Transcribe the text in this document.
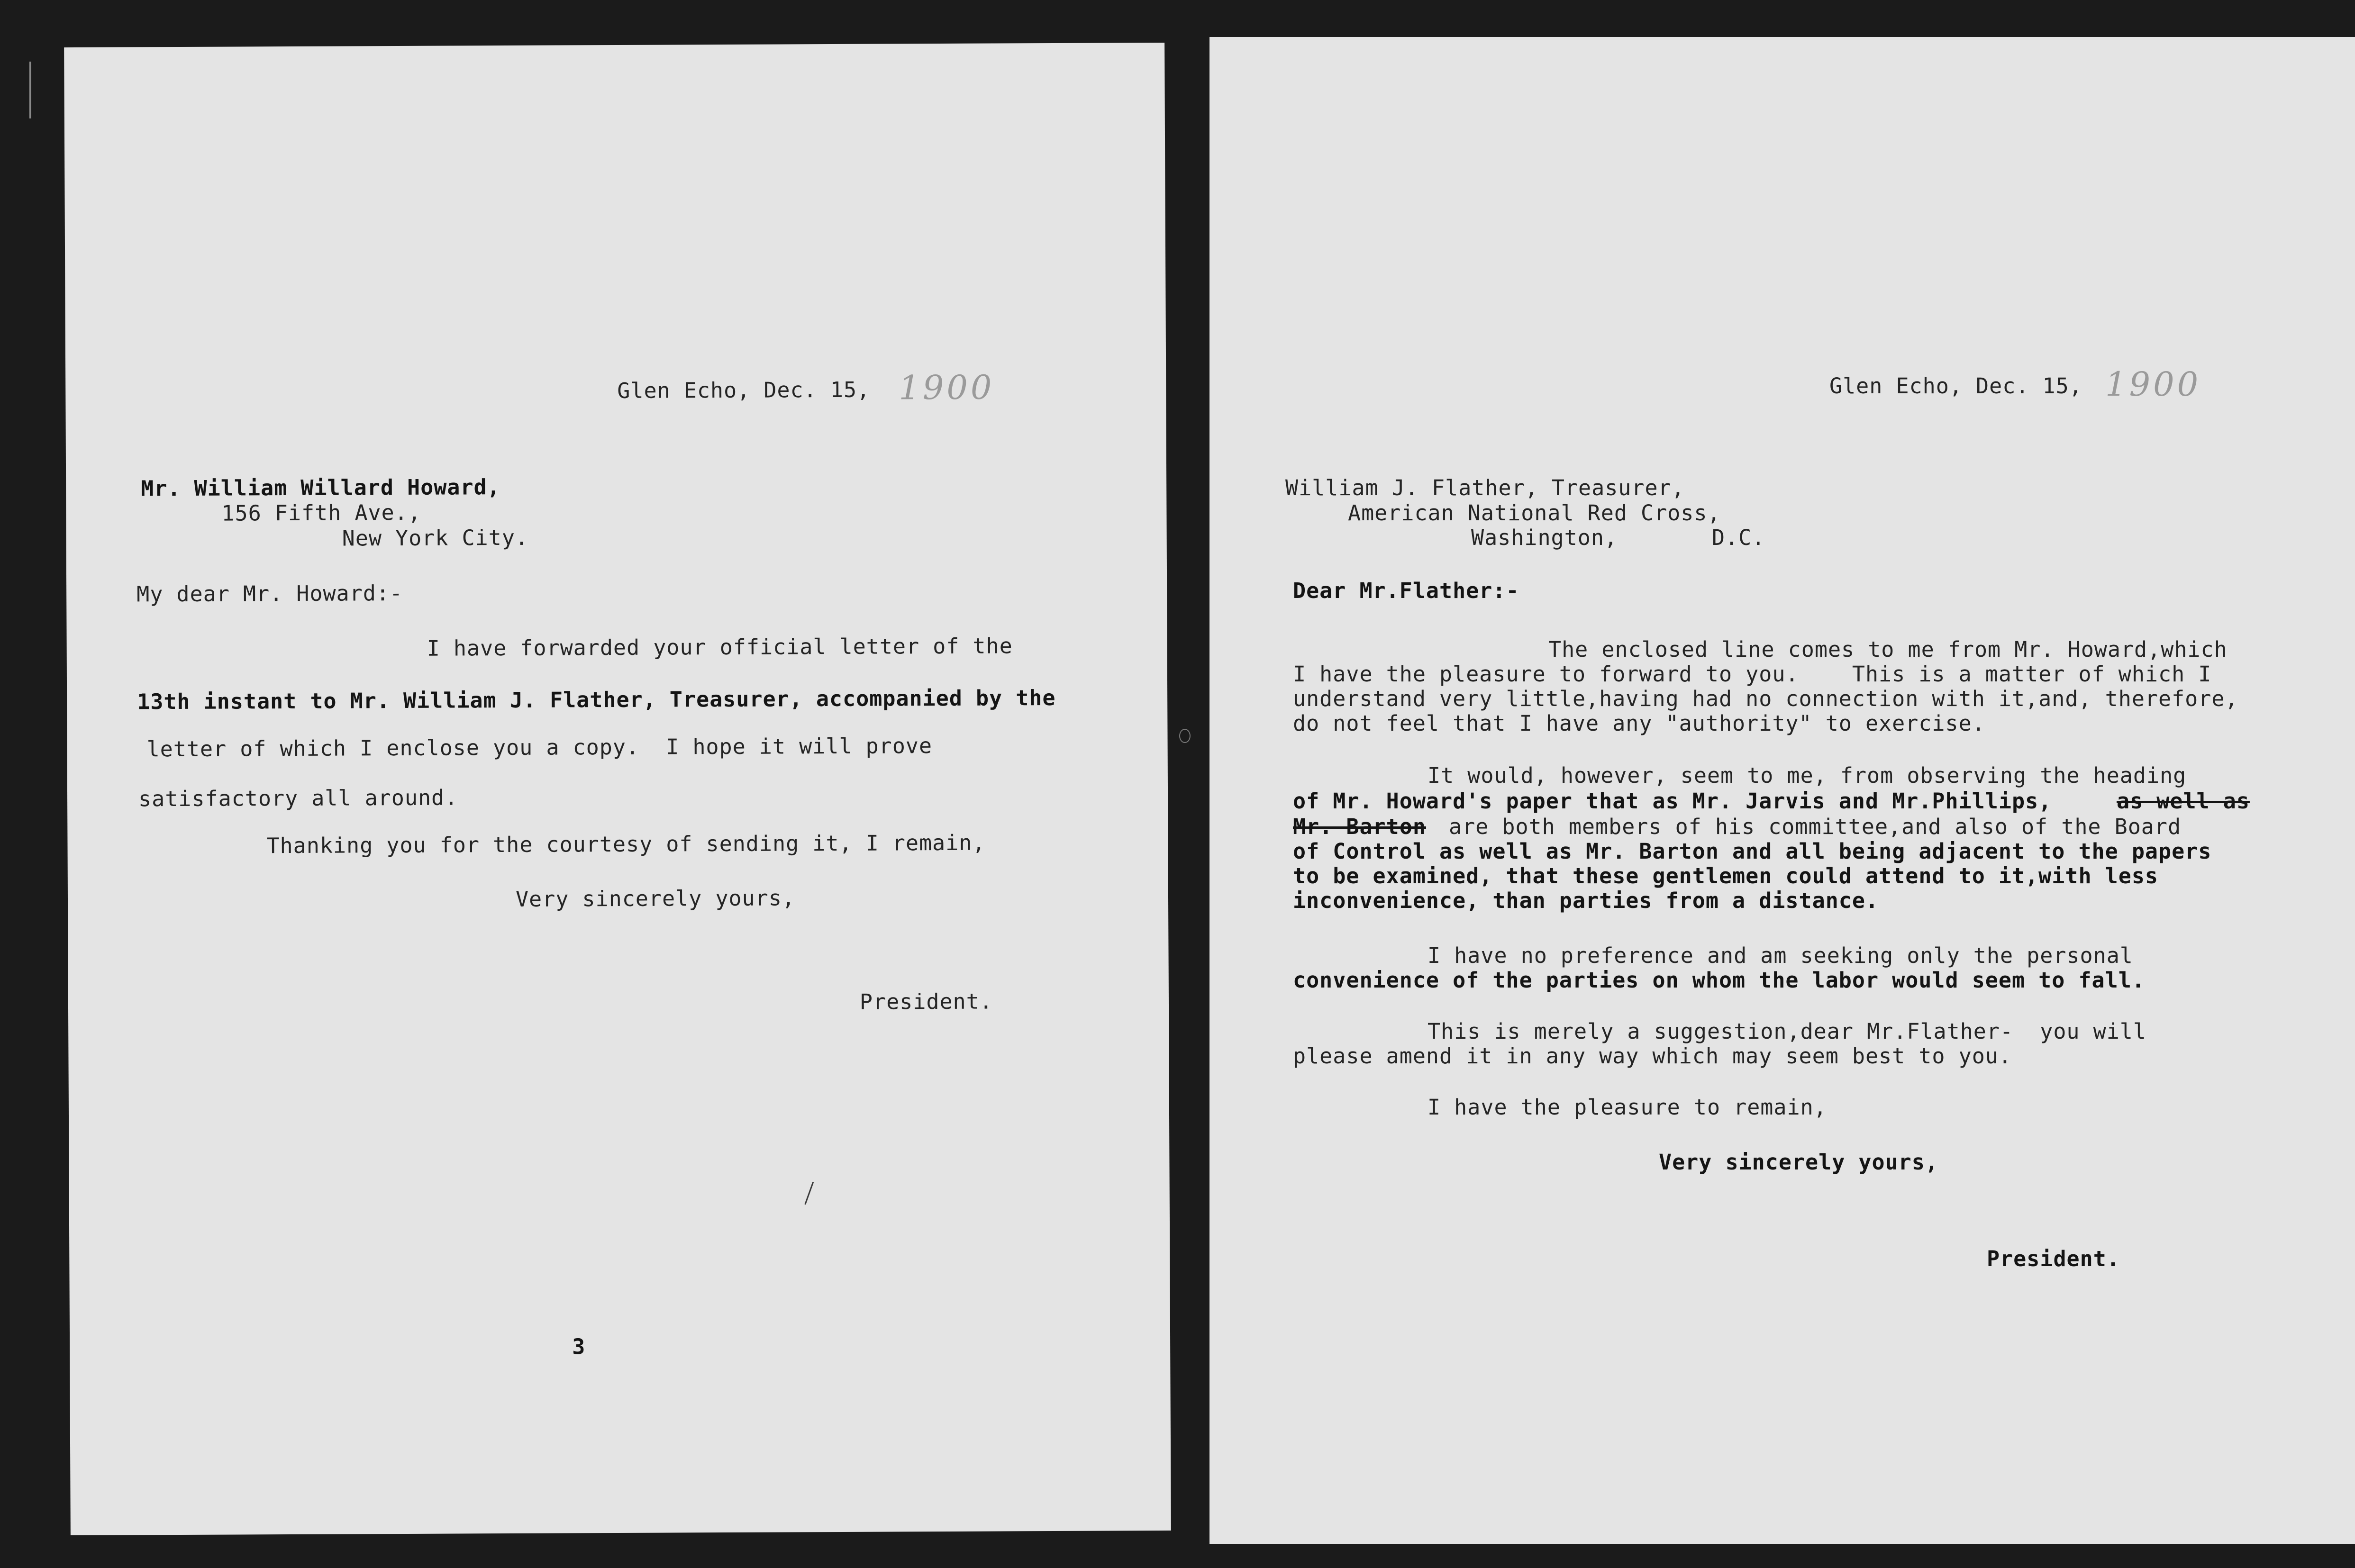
Glen Echo, Dec. 15, 1900
Mr. William Willard Howard,
156 Fifth Ave.,
New York City.
My dear Mr. Howard:-
I have forwarded your official letter of the
13th instant to Mr. William J. Flather, Treasurer, accompanied by the
letter of which I enclose you a copy.  I hope it will prove
satisfactory all around.
Thanking you for the courtesy of sending it, I remain,
Very sincerely yours,
President.
3
Glen Echo, Dec. 15, 1900
William J. Flather, Treasurer,
American National Red Cross,
Washington,	D.C.
Dear Mr.Flather:-
The enclosed line comes to me from Mr. Howard,which
I have the pleasure to forward to you.    This is a matter of which I
understand very little,having had no connection with it,and, therefore,
do not feel that I have any "authority" to exercise.
It would, however, seem to me, from observing the heading
of Mr. Howard's paper that as Mr. Jarvis and Mr.Phillips,	as well as
Mr. Barton are both members of his committee,and also of the Board
of Control as well as Mr. Barton and all being adjacent to the papers
to be examined, that these gentlemen could attend to it,with less
inconvenience, than parties from a distance.
I have no preference and am seeking only the personal
convenience of the parties on whom the labor would seem to fall.
This is merely a suggestion,dear Mr.Flather-  you will
please amend it in any way which may seem best to you.
I have the pleasure to remain,
Very sincerely yours,
President.
